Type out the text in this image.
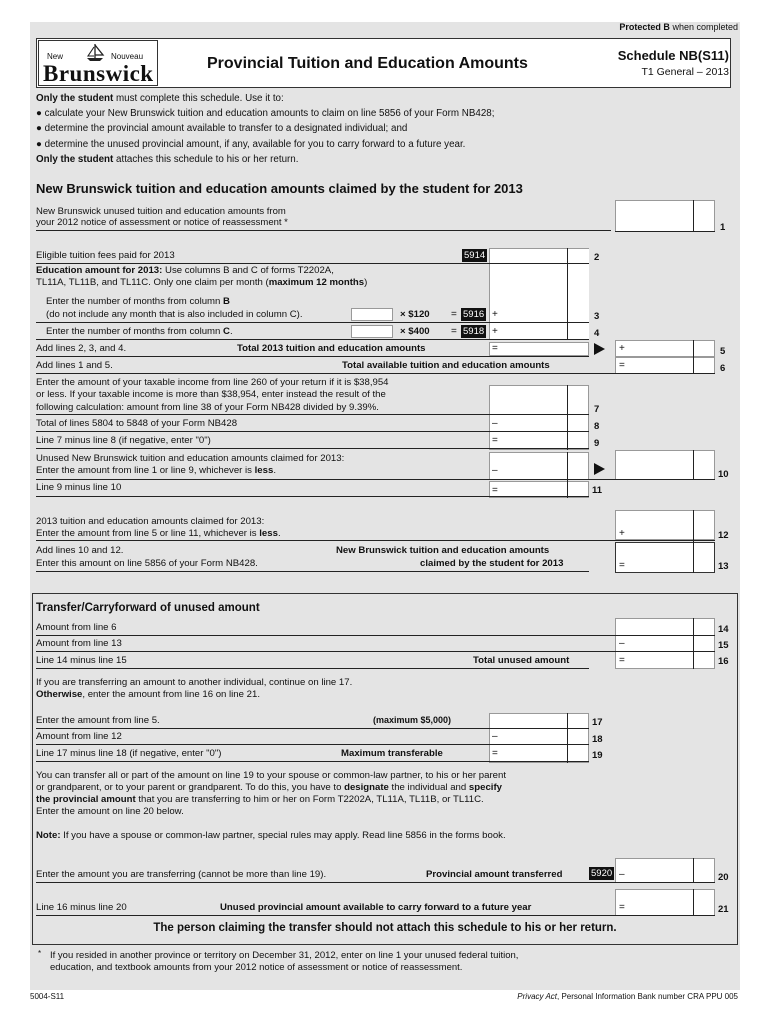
Protected B when completed
New	Nouveau
Brunswick	Provincial Tuition and Education Amounts	Schedule NB(S11)
T1 General – 2013
Only the student must complete this schedule. Use it to:
● calculate your New Brunswick tuition and education amounts to claim on line 5856 of your Form NB428;
● determine the provincial amount available to transfer to a designated individual; and
● determine the unused provincial amount, if any, available for you to carry forward to a future year.
Only the student attaches this schedule to his or her return.
New Brunswick tuition and education amounts claimed by the student for 2013
New Brunswick unused tuition and education amounts from
your 2012 notice of assessment or notice of reassessment *	1
Eligible tuition fees paid for 2013	5914	2
Education amount for 2013: Use columns B and C of forms T2202A,
TL11A, TL11B, and TL11C. Only one claim per month (maximum 12 months)
Enter the number of months from column B
(do not include any month that is also included in column C).	× $120 = 5916 +	3
Enter the number of months from column C.	× $400 = 5918 +	4
Add lines 2, 3, and 4.	Total 2013 tuition and education amounts	=	+	5
Add lines 1 and 5.	Total available tuition and education amounts	=	6
Enter the amount of your taxable income from line 260 of your return if it is $38,954
or less. If your taxable income is more than $38,954, enter instead the result of the
following calculation: amount from line 38 of your Form NB428 divided by 9.39%.	7
Total of lines 5804 to 5848 of your Form NB428	–	8
Line 7 minus line 8 (if negative, enter "0")	=	9
Unused New Brunswick tuition and education amounts claimed for 2013:
Enter the amount from line 1 or line 9, whichever is less.	–	10
Line 9 minus line 10	=	11
2013 tuition and education amounts claimed for 2013:
Enter the amount from line 5 or line 11, whichever is less.	+	12
Add lines 10 and 12.
Enter this amount on line 5856 of your Form NB428.
New Brunswick tuition and education amounts
claimed by the student for 2013	=	13
Transfer/Carryforward of unused amount
Amount from line 6	14
Amount from line 13	–	15
Line 14 minus line 15	Total unused amount	=	16
If you are transferring an amount to another individual, continue on line 17.
Otherwise, enter the amount from line 16 on line 21.
Enter the amount from line 5.	(maximum $5,000)	17
Amount from line 12	–	18
Line 17 minus line 18 (if negative, enter "0")	Maximum transferable	=	19
You can transfer all or part of the amount on line 19 to your spouse or common-law partner, to his or her parent
or grandparent, or to your parent or grandparent. To do this, you have to designate the individual and specify
the provincial amount that you are transferring to him or her on Form T2202A, TL11A, TL11B, or TL11C.
Enter the amount on line 20 below.
Note: If you have a spouse or common-law partner, special rules may apply. Read line 5856 in the forms book.
Enter the amount you are transferring (cannot be more than line 19).	Provincial amount transferred	5920 –	20
Line 16 minus line 20	Unused provincial amount available to carry forward to a future year	=	21
The person claiming the transfer should not attach this schedule to his or her return.
* If you resided in another province or territory on December 31, 2012, enter on line 1 your unused federal tuition,
education, and textbook amounts from your 2012 notice of assessment or notice of reassessment.
5004-S11	Privacy Act, Personal Information Bank number CRA PPU 005
